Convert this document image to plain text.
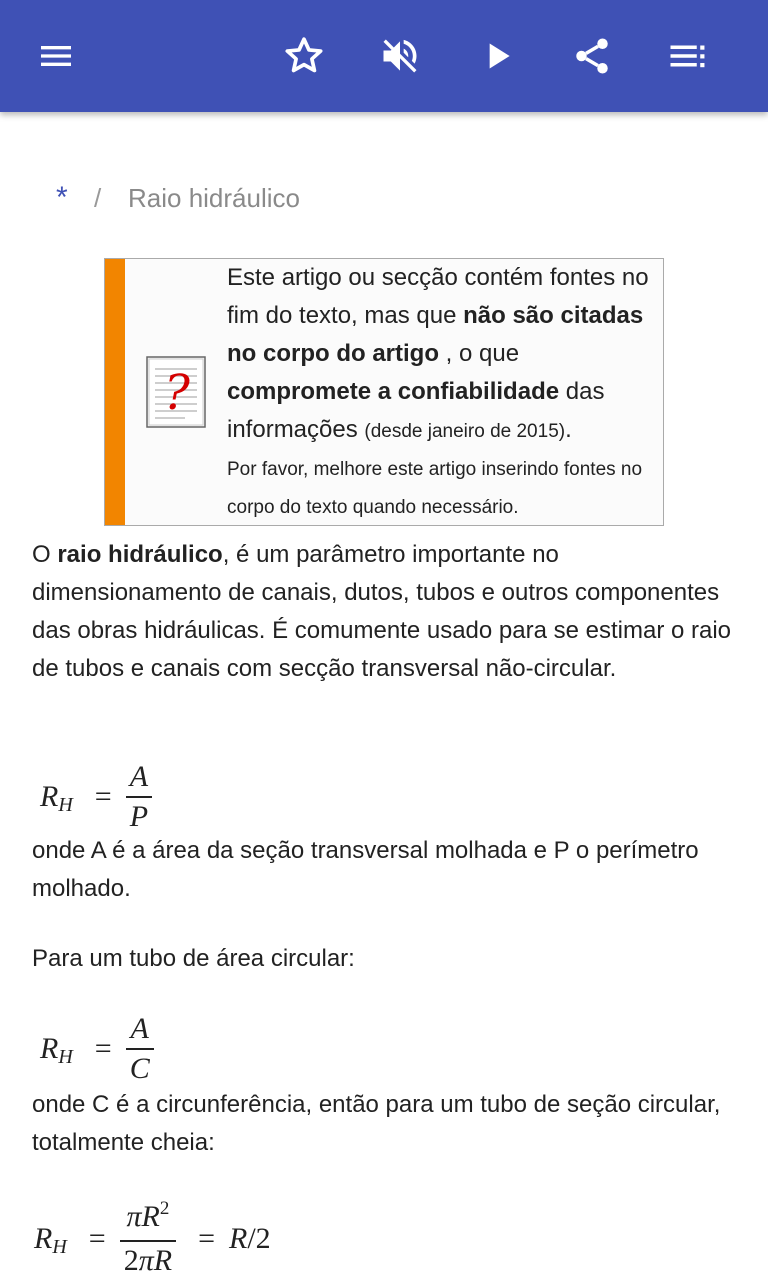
*	/	Raio hidráulico
?
Este artigo ou secção contém fontes no fim do texto, mas que não são citadas no corpo do artigo , o que compromete a confiabilidade das informações (desde janeiro de 2015).
Por favor, melhore este artigo inserindo fontes no corpo do texto quando necessário.
O raio hidráulico, é um parâmetro importante no dimensionamento de canais, dutos, tubos e outros componentes das obras hidráulicas. É comumente usado para se estimar o raio de tubos e canais com secção transversal não-circular.
R $H = \frac{A}{P}$
onde A é a área da seção transversal molhada e P o perímetro molhado.
Para um tubo de área circular:
R $H = \frac{A}{C}$
onde C é a circunferência, então para um tubo de seção circular, totalmente cheia:
R $H = \frac{\pi R^2}{2\pi R} = R$ /2
